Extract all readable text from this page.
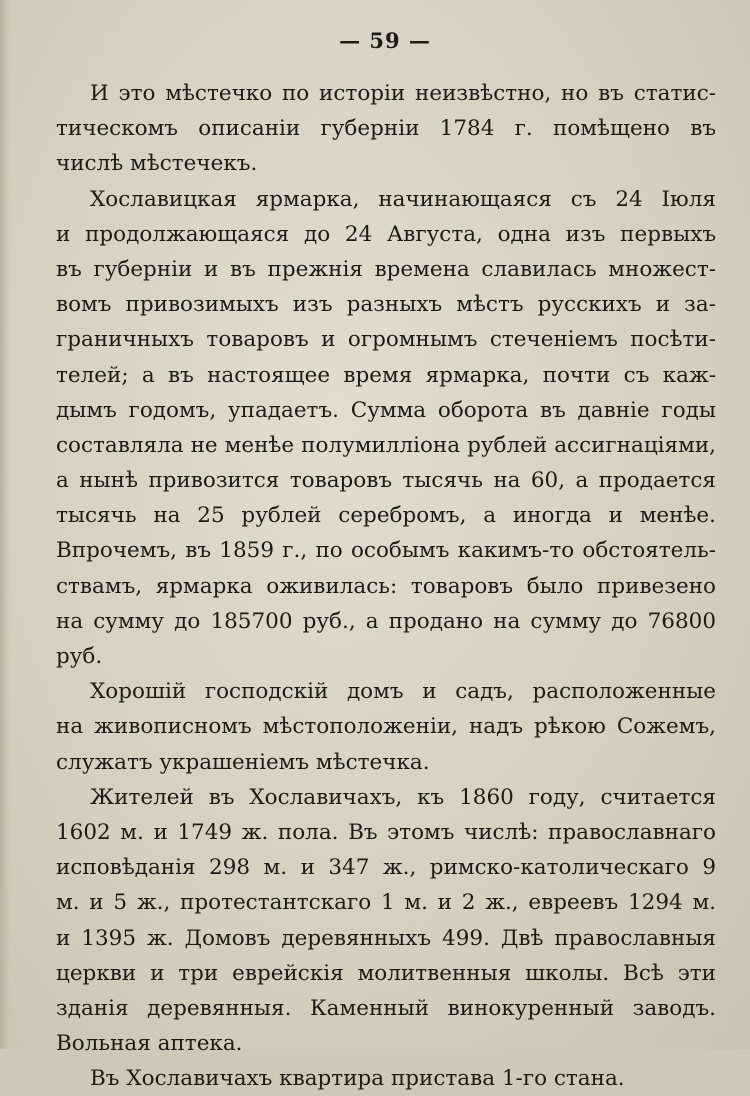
— 59 —
И это мѣстечко по исторіи неизвѣстно, но въ статис-
тическомъ описаніи губерніи 1784 г. помѣщено въ
числѣ мѣстечекъ.
Хославицкая ярмарка, начинающаяся съ 24 Іюля
и продолжающаяся до 24 Августа, одна изъ первыхъ
въ губерніи и въ прежнія времена славилась множест-
вомъ привозимыхъ изъ разныхъ мѣстъ русскихъ и за-
граничныхъ товаровъ и огромнымъ стеченіемъ посѣти-
телей; а въ настоящее время ярмарка, почти съ каж-
дымъ годомъ, упадаетъ. Сумма оборота въ давніе годы
составляла не менѣе полумилліона рублей ассигнаціями,
а нынѣ привозится товаровъ тысячь на 60, а продается
тысячь на 25 рублей серебромъ, а иногда и менѣе.
Впрочемъ, въ 1859 г., по особымъ какимъ-то обстоятель-
ствамъ, ярмарка оживилась: товаровъ было привезено
на сумму до 185700 руб., а продано на сумму до 76800
руб.
Хорошій господскій домъ и садъ, расположенные
на живописномъ мѣстоположеніи, надъ рѣкою Сожемъ,
служатъ украшеніемъ мѣстечка.
Жителей въ Хославичахъ, къ 1860 году, считается
1602 м. и 1749 ж. пола. Въ этомъ числѣ: православнаго
исповѣданія 298 м. и 347 ж., римско-католическаго 9
м. и 5 ж., протестантскаго 1 м. и 2 ж., евреевъ 1294 м.
и 1395 ж. Домовъ деревянныхъ 499. Двѣ православныя
церкви и три еврейскія молитвенныя школы. Всѣ эти
зданія деревянныя. Каменный винокуренный заводъ.
Вольная аптека.
Въ Хославичахъ квартира пристава 1-го стана.
